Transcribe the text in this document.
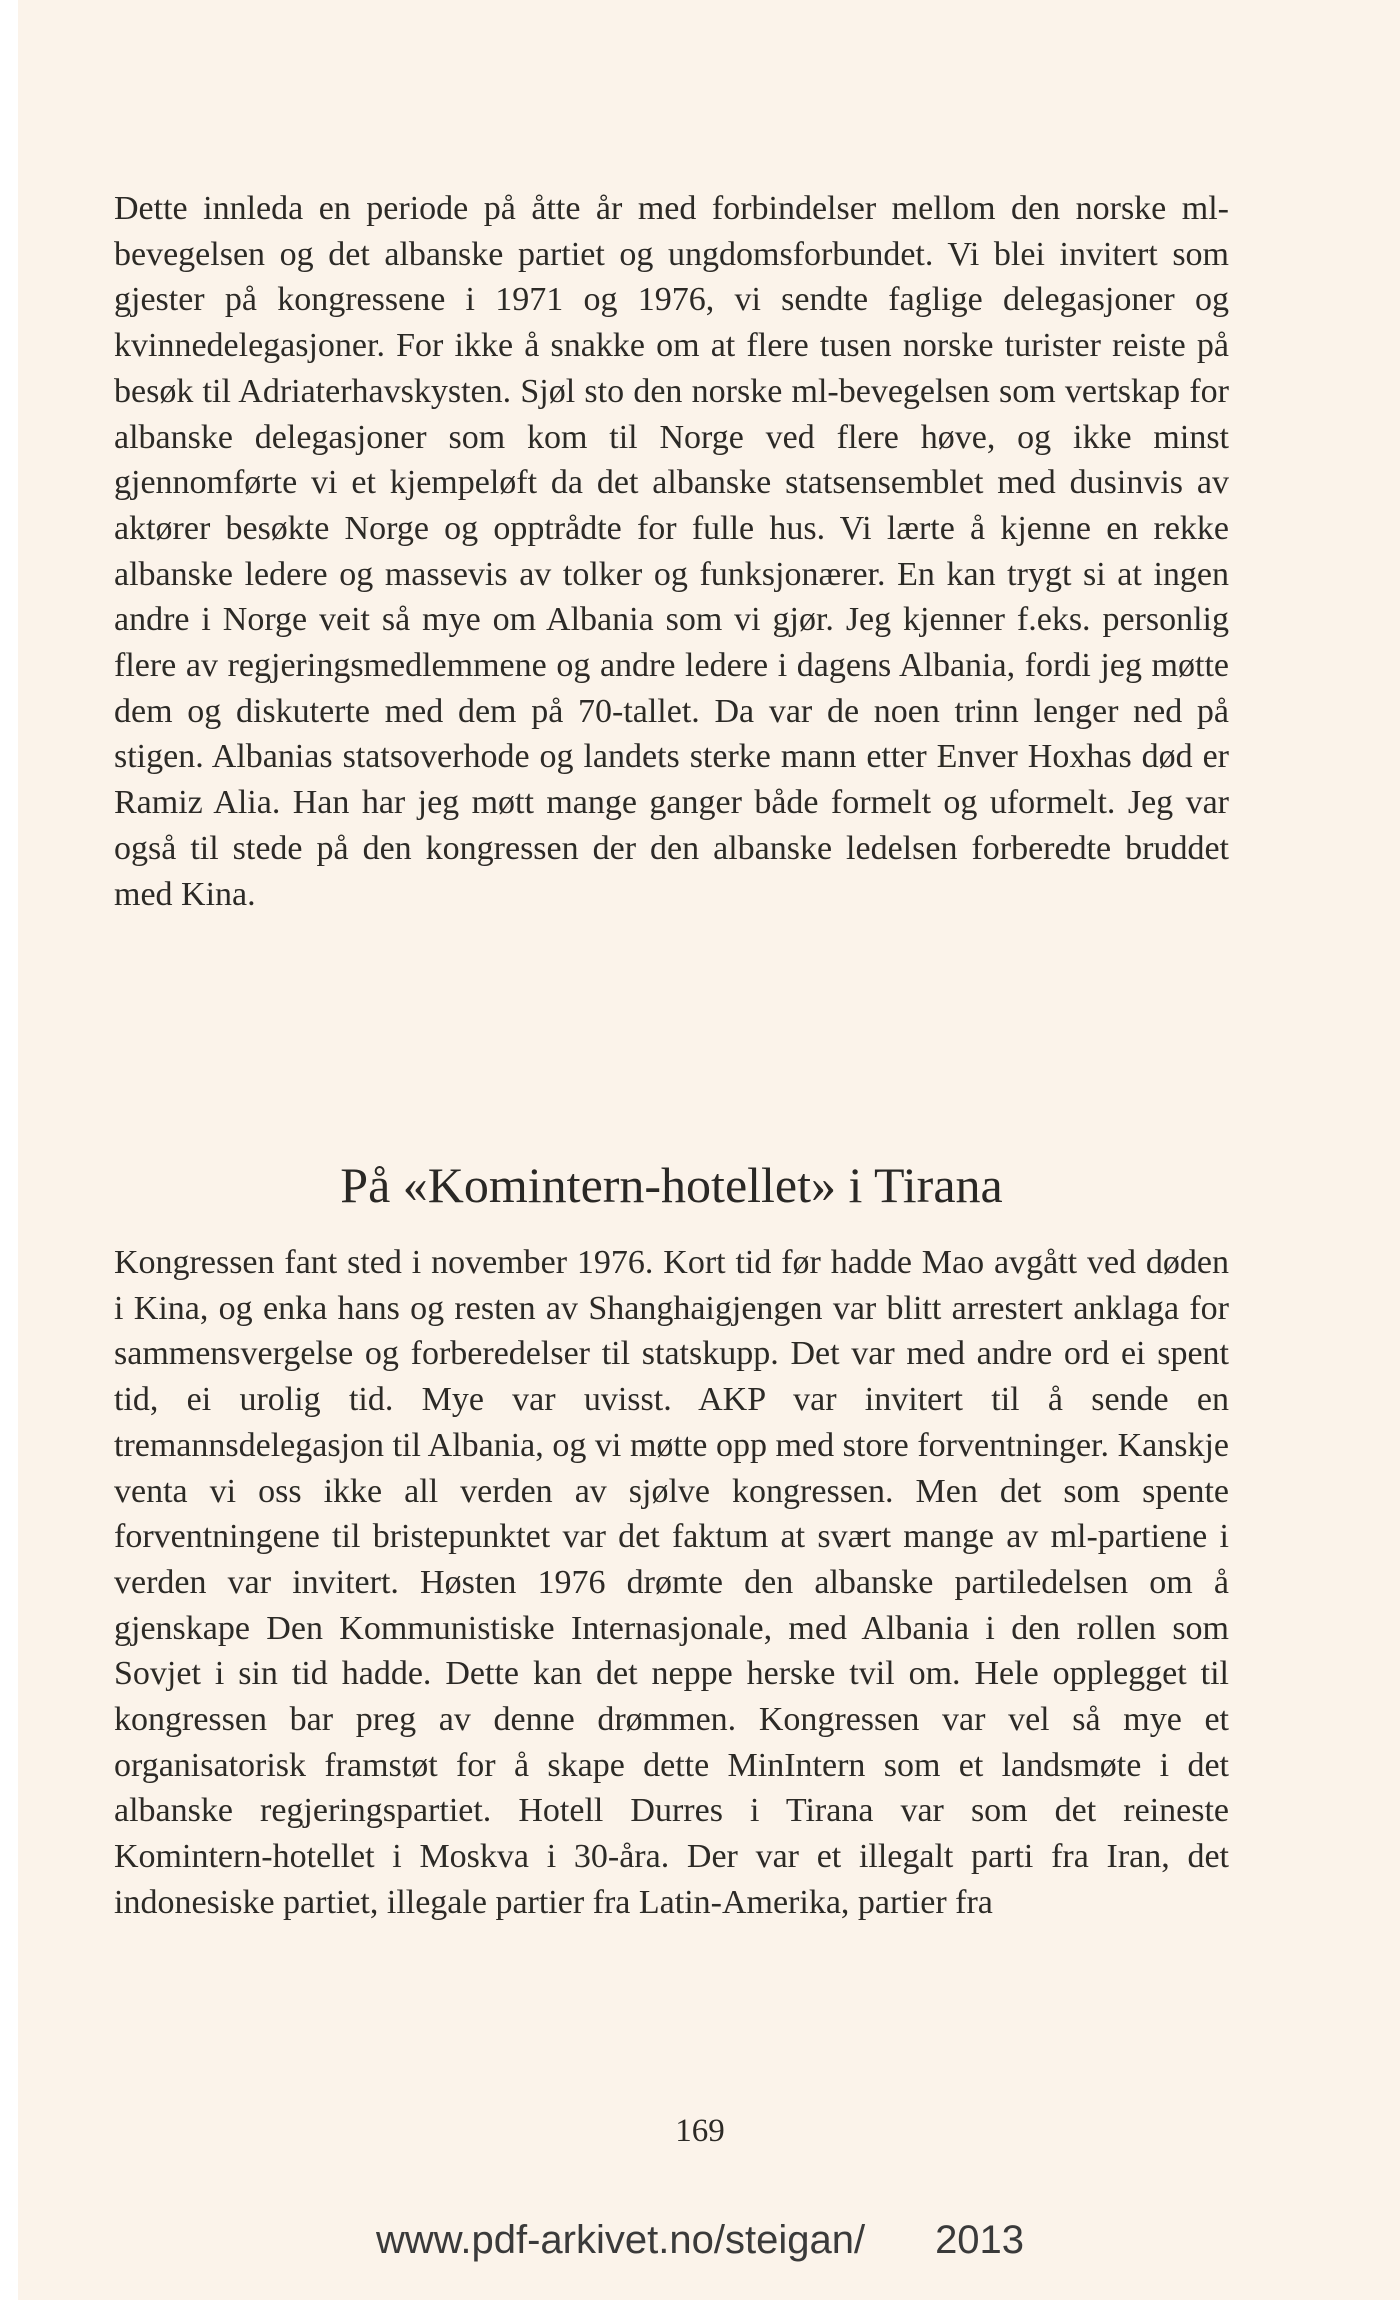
Dette innleda en periode på åtte år med forbindelser mellom den norske ml-bevegelsen og det albanske partiet og ungdomsforbundet. Vi blei invitert som gjester på kongressene i 1971 og 1976, vi sendte faglige delegasjoner og kvinnedelegasjoner. For ikke å snakke om at flere tusen norske turister reiste på besøk til Adriaterhavskysten. Sjøl sto den norske ml-bevegelsen som vertskap for albanske delegasjoner som kom til Norge ved flere høve, og ikke minst gjennomførte vi et kjempeløft da det albanske statsensemblet med dusinvis av aktører besøkte Norge og opptrådte for fulle hus. Vi lærte å kjenne en rekke albanske ledere og massevis av tolker og funksjonærer. En kan trygt si at ingen andre i Norge veit så mye om Albania som vi gjør. Jeg kjenner f.eks. personlig flere av regjeringsmedlemmene og andre ledere i dagens Albania, fordi jeg møtte dem og diskuterte med dem på 70-tallet. Da var de noen trinn lenger ned på stigen. Albanias statsoverhode og landets sterke mann etter Enver Hoxhas død er Ramiz Alia. Han har jeg møtt mange ganger både formelt og uformelt. Jeg var også til stede på den kongressen der den albanske ledelsen forberedte bruddet med Kina.

På «Komintern-hotellet» i Tirana

Kongressen fant sted i november 1976. Kort tid før hadde Mao avgått ved døden i Kina, og enka hans og resten av Shanghaigjengen var blitt arrestert anklaga for sammensvergelse og forberedelser til statskupp. Det var med andre ord ei spent tid, ei urolig tid. Mye var uvisst. AKP var invitert til å sende en tremannsdelegasjon til Albania, og vi møtte opp med store forventninger. Kanskje venta vi oss ikke all verden av sjølve kongressen. Men det som spente forventningene til bristepunktet var det faktum at svært mange av ml-partiene i verden var invitert. Høsten 1976 drømte den albanske partiledelsen om å gjenskape Den Kommunistiske Internasjonale, med Albania i den rollen som Sovjet i sin tid hadde. Dette kan det neppe herske tvil om. Hele opplegget til kongressen bar preg av denne drømmen. Kongressen var vel så mye et organisatorisk framstøt for å skape dette MinIntern som et landsmøte i det albanske regjeringspartiet. Hotell Durres i Tirana var som det reineste Komintern-hotellet i Moskva i 30-åra. Der var et illegalt parti fra Iran, det indonesiske partiet, illegale partier fra Latin-Amerika, partier fra

169
www.pdf-arkivet.no/steigan/ 2013
